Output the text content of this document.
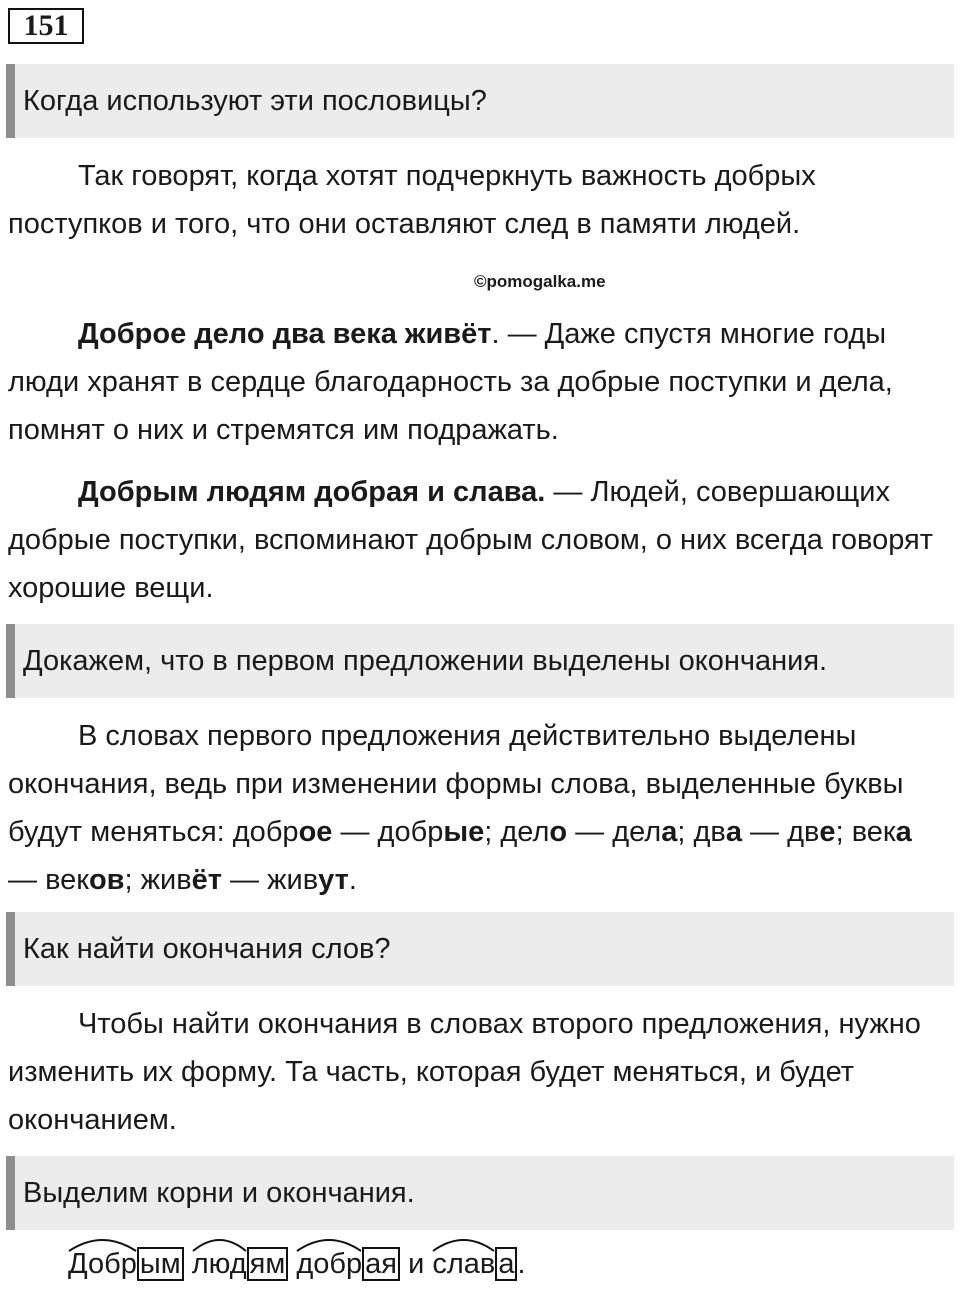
151
Когда используют эти пословицы?

Так говорят, когда хотят подчеркнуть важность добрых поступков и того, что они оставляют след в памяти людей.

©pomogalka.me

Доброе дело два века живёт. — Даже спустя многие годы люди хранят в сердце благодарность за добрые поступки и дела, помнят о них и стремятся им подражать.

Добрым людям добрая и слава. — Людей, совершающих добрые поступки, вспоминают добрым словом, о них всегда говорят хорошие вещи.

Докажем, что в первом предложении выделены окончания.

В словах первого предложения действительно выделены окончания, ведь при изменении формы слова, выделенные буквы будут меняться: доброе — добрые; дело — дела; два — две; века — веков; живёт — живут.

Как найти окончания слов?

Чтобы найти окончания в словах второго предложения, нужно изменить их форму. Та часть, которая будет меняться, и будет окончанием.

Выделим корни и окончания.
Добр ым люд ям добр ая и слав а .
